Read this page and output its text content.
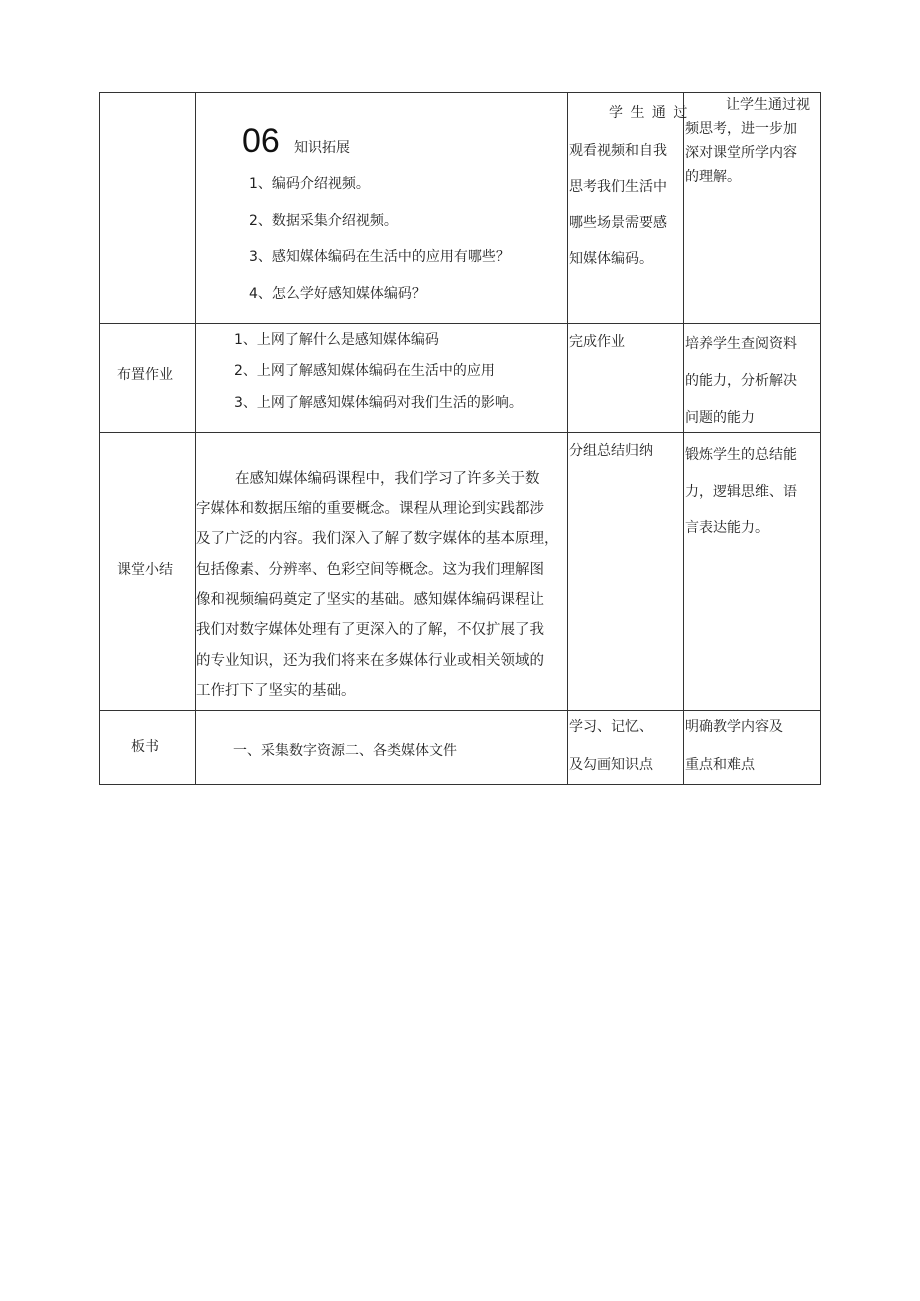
06 知识拓展
1、编码介绍视频。
2、数据采集介绍视频。
3、感知媒体编码在生活中的应用有哪些？
4、怎么学好感知媒体编码？
学 生 通 过
观看视频和自我
思考我们生活中
哪些场景需要感
知媒体编码。
让学生通过视
频思考，进一步加
深对课堂所学内容
的理解。
布置作业
1、上网了解什么是感知媒体编码
2、上网了解感知媒体编码在生活中的应用
3、上网了解感知媒体编码对我们生活的影响。
完成作业	培养学生查阅资料
的能力，分析解决
问题的能力
课堂小结
在感知媒体编码课程中，我们学习了许多关于数
字媒体和数据压缩的重要概念。课程从理论到实践都涉
及了广泛的内容。我们深入了解了数字媒体的基本原理，
包括像素、分辨率、色彩空间等概念。这为我们理解图
像和视频编码奠定了坚实的基础。感知媒体编码课程让
我们对数字媒体处理有了更深入的了解，不仅扩展了我
的专业知识，还为我们将来在多媒体行业或相关领域的
工作打下了坚实的基础。
分组总结归纳 锻炼学生的总结能
力，逻辑思维、语
言表达能力。
板书	一、采集数字资源二、各类媒体文件
学习、记忆、
及勾画知识点
明确教学内容及
重点和难点
